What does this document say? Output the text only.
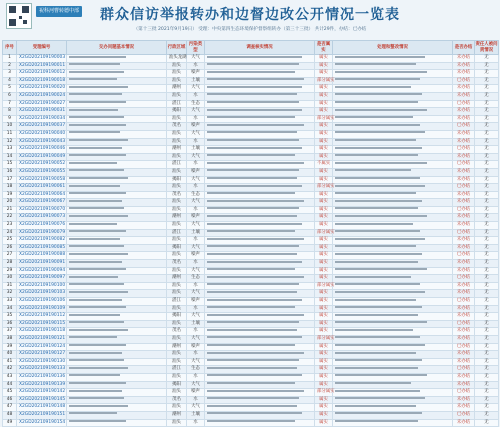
祝科河曹转德中部	群众信访举报转办和边督边改公开情况一览表
（第十三批 2021年9月19日） 受理：中央第四生态环境保护督察组转办（第三十三批） 共计29件，办结：已办结
序号	受理编号	交办问题基本情况	行政区域	污染类型	调查核实情况	是否属实	处理和整改情况	是否办结	责任人被问责情况
1	X2GD202109190003		汕头龙湖	大气		属实		未办结	无
2	X2GD202109190011		汕头	水		属实		未办结	无
3	X2GD202109190012		汕头	噪声		属实		未办结	无
4	X2GD202109190018		汕头	土壤		部分属实		已办结	无
5	X2GD202109190020		潮州	大气		属实		未办结	无
6	X2GD202109190024		汕头	水		属实		未办结	无
7	X2GD202109190027		湛江	生态		属实		已办结	无
8	X2GD202109190031		揭阳	大气		属实		未办结	无
9	X2GD202109190034		汕头	水		部分属实		未办结	无
10	X2GD202109190037		茂名	噪声		属实		已办结	无
11	X2GD202109190040		汕头	大气		属实		未办结	无
12	X2GD202109190043		汕头	水		属实		未办结	无
13	X2GD202109190046		潮州	土壤		属实		已办结	无
14	X2GD202109190049		汕头	大气		属实		未办结	无
15	X2GD202109190052		湛江	水		不属实		已办结	无
16	X2GD202109190055		汕头	噪声		属实		未办结	无
17	X2GD202109190058		揭阳	大气		属实		未办结	无
18	X2GD202109190061		汕头	水		部分属实		已办结	无
19	X2GD202109190064		茂名	生态		属实		未办结	无
20	X2GD202109190067		汕头	大气		属实		未办结	无
21	X2GD202109190070		汕头	水		属实		已办结	无
22	X2GD202109190073		潮州	噪声		属实		未办结	无
23	X2GD202109190076		汕头	大气		属实		未办结	无
24	X2GD202109190079		湛江	土壤		部分属实		已办结	无
25	X2GD202109190082		汕头	水		属实		未办结	无
26	X2GD202109190085		揭阳	大气		属实		未办结	无
27	X2GD202109190088		汕头	噪声		属实		已办结	无
28	X2GD202109190091		茂名	水		属实		未办结	无
29	X2GD202109190094		汕头	大气		属实		未办结	无
30	X2GD202109190097		潮州	生态		属实		已办结	无
31	X2GD202109190100		汕头	水		部分属实		未办结	无
32	X2GD202109190103		汕头	大气		属实		未办结	无
33	X2GD202109190106		湛江	噪声		属实		已办结	无
34	X2GD202109190109		汕头	水		属实		未办结	无
35	X2GD202109190112		揭阳	大气		属实		未办结	无
36	X2GD202109190115		汕头	土壤		属实		已办结	无
37	X2GD202109190118		茂名	水		属实		未办结	无
38	X2GD202109190121		汕头	大气		部分属实		未办结	无
39	X2GD202109190124		潮州	噪声		属实		已办结	无
40	X2GD202109190127		汕头	水		属实		未办结	无
41	X2GD202109190130		汕头	大气		属实		未办结	无
42	X2GD202109190133		湛江	生态		属实		已办结	无
43	X2GD202109190136		汕头	水		属实		未办结	无
44	X2GD202109190139		揭阳	大气		属实		未办结	无
45	X2GD202109190142		汕头	噪声		部分属实		已办结	无
46	X2GD202109190145		茂名	水		属实		未办结	无
47	X2GD202109190148		汕头	大气		属实		未办结	无
48	X2GD202109190151		潮州	土壤		属实		已办结	无
49	X2GD202109190154		汕头	水		属实		未办结	无
